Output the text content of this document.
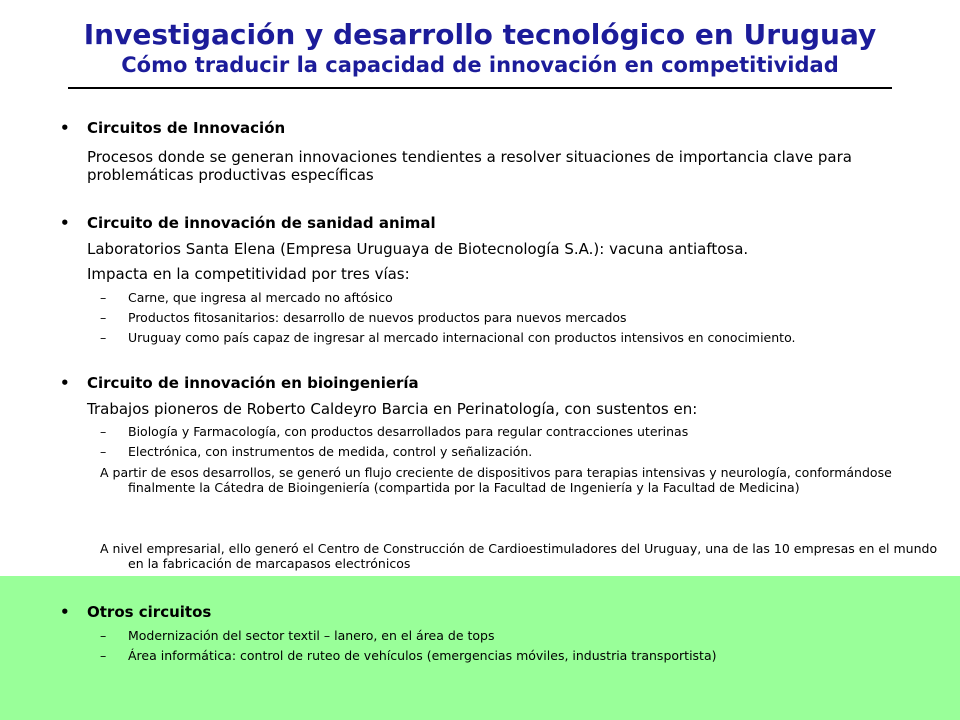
Investigación y desarrollo tecnológico en Uruguay
Cómo traducir la capacidad de innovación en competitividad
• Circuitos de Innovación
Procesos donde se generan innovaciones tendientes a resolver situaciones de importancia clave para problemáticas productivas específicas
• Circuito de innovación de sanidad animal
Laboratorios Santa Elena (Empresa Uruguaya de Biotecnología S.A.): vacuna antiaftosa.
Impacta en la competitividad por tres vías:
– Carne, que ingresa al mercado no aftósico
– Productos fitosanitarios: desarrollo de nuevos productos para nuevos mercados
– Uruguay como país capaz de ingresar al mercado internacional con productos intensivos en conocimiento.
• Circuito de innovación en bioingeniería
Trabajos pioneros de Roberto Caldeyro Barcia en Perinatología, con sustentos en:
– Biología y Farmacología, con productos desarrollados para regular contracciones uterinas
– Electrónica, con instrumentos de medida, control y señalización.
A partir de esos desarrollos, se generó un flujo creciente de dispositivos para terapias intensivas y neurología, conformándose finalmente la Cátedra de Bioingeniería (compartida por la Facultad de Ingeniería y la Facultad de Medicina)
A nivel empresarial, ello generó el Centro de Construcción de Cardioestimuladores del Uruguay, una de las 10 empresas en el mundo en la fabricación de marcapasos electrónicos
• Otros circuitos
– Modernización del sector textil – lanero, en el área de tops
– Área informática: control de ruteo de vehículos (emergencias móviles, industria transportista)
